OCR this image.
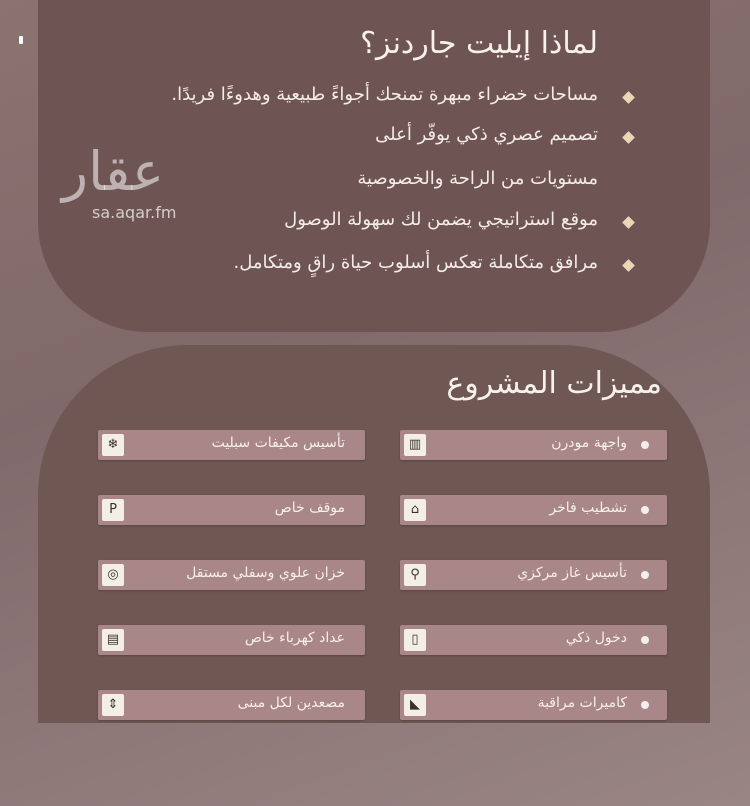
لماذا إيليت جاردنز؟
مساحات خضراء مبهرة تمنحك أجواءً طبيعية وهدوءًا فريدًا.
تصميم عصري ذكي يوفّر أعلى
مستويات من الراحة والخصوصية
موقع استراتيجي يضمن لك سهولة الوصول
مرافق متكاملة تعكس أسلوب حياة راقٍ ومتكامل.
عقار
sa.aqar.fm
مميزات المشروع
▥	واجهة مودرن
⌂	تشطيب فاخر
⚲	تأسيس غاز مركزي
▯	دخول ذكي
◣	كاميرات مراقبة
❄	تأسيس مكيفات سبليت
P	موقف خاص
◎	خزان علوي وسفلي مستقل
▤	عداد كهرباء خاص
⇕	مصعدين لكل مبنى
